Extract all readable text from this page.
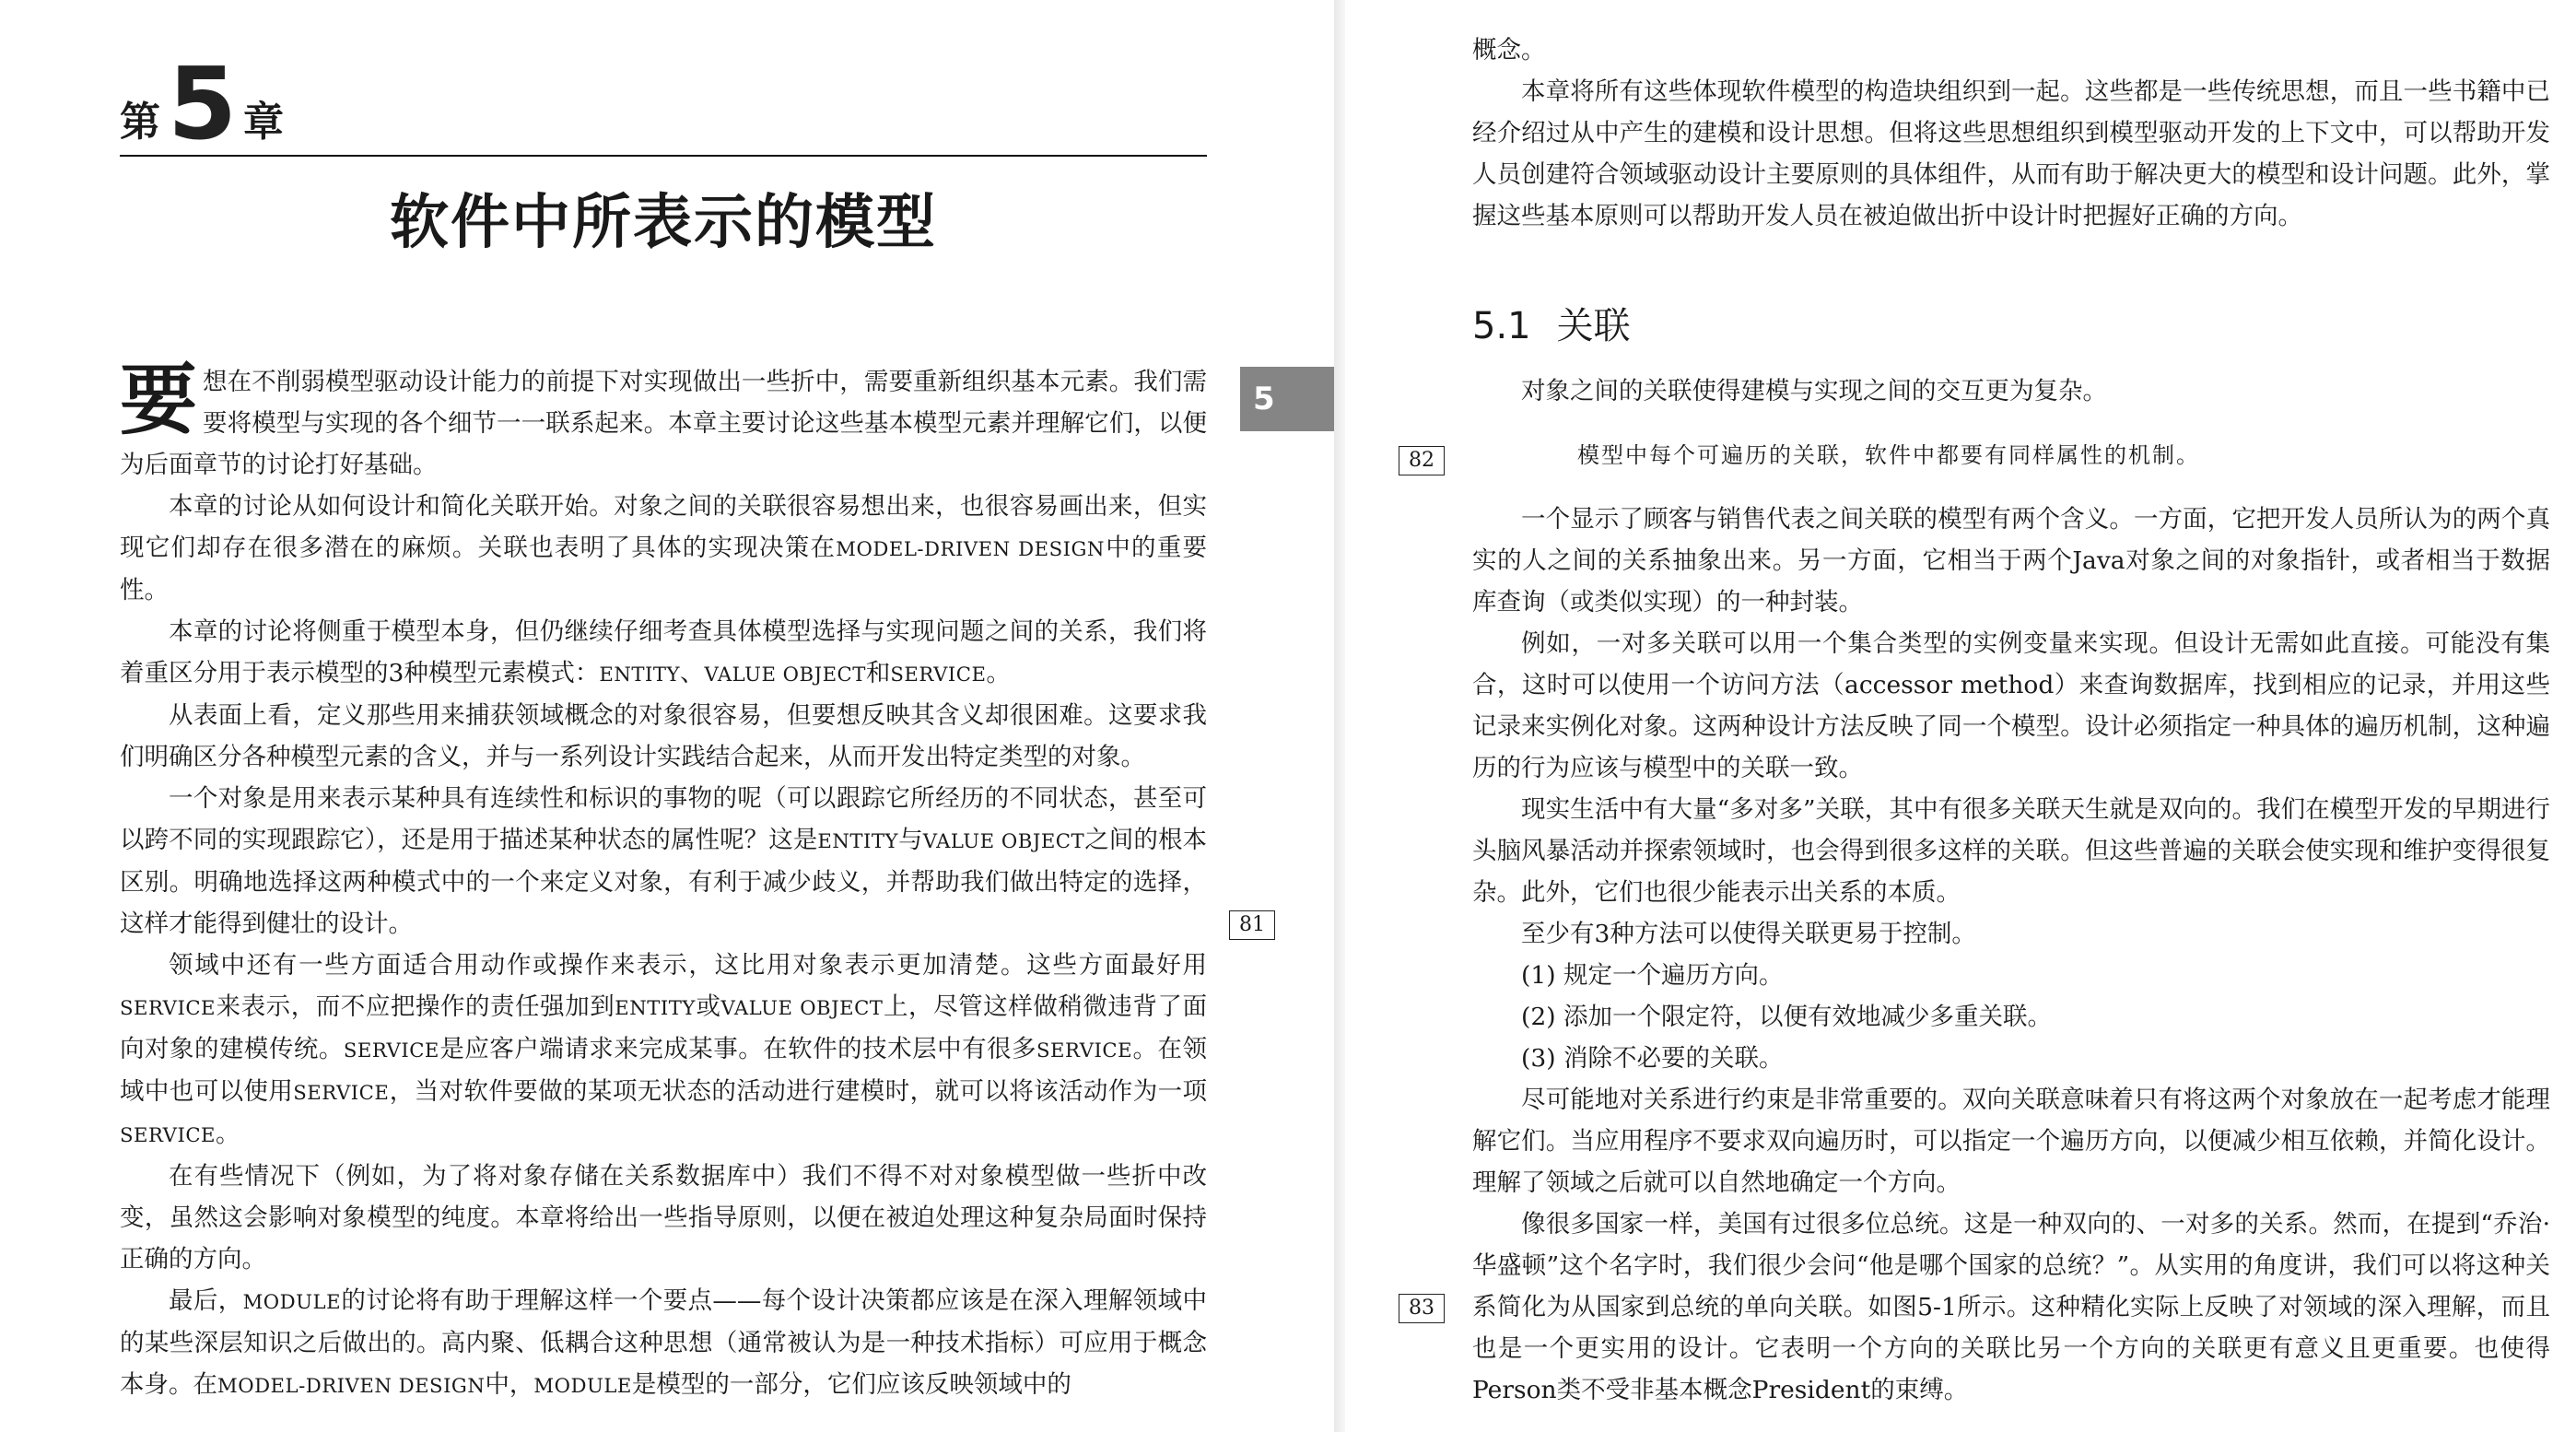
第 5 章
软件中所表示的模型

要想在不削弱模型驱动设计能力的前提下对实现做出一些折中，需要重新组织基本元素。我们需要将模型与实现的各个细节一一联系起来。本章主要讨论这些基本模型元素并理解它们，以便为后面章节的讨论打好基础。

本章的讨论从如何设计和简化关联开始。对象之间的关联很容易想出来，也很容易画出来，但实现它们却存在很多潜在的麻烦。关联也表明了具体的实现决策在MODEL-DRIVEN DESIGN中的重要性。

本章的讨论将侧重于模型本身，但仍继续仔细考查具体模型选择与实现问题之间的关系，我们将着重区分用于表示模型的3种模型元素模式：ENTITY、VALUE OBJECT和SERVICE。

从表面上看，定义那些用来捕获领域概念的对象很容易，但要想反映其含义却很困难。这要求我们明确区分各种模型元素的含义，并与一系列设计实践结合起来，从而开发出特定类型的对象。

一个对象是用来表示某种具有连续性和标识的事物的呢（可以跟踪它所经历的不同状态，甚至可以跨不同的实现跟踪它），还是用于描述某种状态的属性呢？这是ENTITY与VALUE OBJECT之间的根本区别。明确地选择这两种模式中的一个来定义对象，有利于减少歧义，并帮助我们做出特定的选择，这样才能得到健壮的设计。

领域中还有一些方面适合用动作或操作来表示，这比用对象表示更加清楚。这些方面最好用SERVICE来表示，而不应把操作的责任强加到ENTITY或VALUE OBJECT上，尽管这样做稍微违背了面向对象的建模传统。SERVICE是应客户端请求来完成某事。在软件的技术层中有很多SERVICE。在领域中也可以使用SERVICE，当对软件要做的某项无状态的活动进行建模时，就可以将该活动作为一项SERVICE。

在有些情况下（例如，为了将对象存储在关系数据库中）我们不得不对对象模型做一些折中改变，虽然这会影响对象模型的纯度。本章将给出一些指导原则，以便在被迫处理这种复杂局面时保持正确的方向。

最后，MODULE的讨论将有助于理解这样一个要点——每个设计决策都应该是在深入理解领域中的某些深层知识之后做出的。高内聚、低耦合这种思想（通常被认为是一种技术指标）可应用于概念本身。在MODEL-DRIVEN DESIGN中，MODULE是模型的一部分，它们应该反映领域中的

5
81

概念。

本章将所有这些体现软件模型的构造块组织到一起。这些都是一些传统思想，而且一些书籍中已经介绍过从中产生的建模和设计思想。但将这些思想组织到模型驱动开发的上下文中，可以帮助开发人员创建符合领域驱动设计主要原则的具体组件，从而有助于解决更大的模型和设计问题。此外，掌握这些基本原则可以帮助开发人员在被迫做出折中设计时把握好正确的方向。

5.1 关联

对象之间的关联使得建模与实现之间的交互更为复杂。

一个显示了顾客与销售代表之间关联的模型有两个含义。一方面，它把开发人员所认为的两个真实的人之间的关系抽象出来。另一方面，它相当于两个Java对象之间的对象指针，或者相当于数据库查询（或类似实现）的一种封装。

例如，一对多关联可以用一个集合类型的实例变量来实现。但设计无需如此直接。可能没有集合，这时可以使用一个访问方法（accessor method）来查询数据库，找到相应的记录，并用这些记录来实例化对象。这两种设计方法反映了同一个模型。设计必须指定一种具体的遍历机制，这种遍历的行为应该与模型中的关联一致。

现实生活中有大量“多对多”关联，其中有很多关联天生就是双向的。我们在模型开发的早期进行头脑风暴活动并探索领域时，也会得到很多这样的关联。但这些普遍的关联会使实现和维护变得很复杂。此外，它们也很少能表示出关系的本质。

至少有3种方法可以使得关联更易于控制。

(1) 规定一个遍历方向。

(2) 添加一个限定符，以便有效地减少多重关联。

(3) 消除不必要的关联。

尽可能地对关系进行约束是非常重要的。双向关联意味着只有将这两个对象放在一起考虑才能理解它们。当应用程序不要求双向遍历时，可以指定一个遍历方向，以便减少相互依赖，并简化设计。理解了领域之后就可以自然地确定一个方向。

像很多国家一样，美国有过很多位总统。这是一种双向的、一对多的关系。然而，在提到“乔治·华盛顿”这个名字时，我们很少会问“他是哪个国家的总统？”。从实用的角度讲，我们可以将这种关系简化为从国家到总统的单向关联。如图5-1所示。这种精化实际上反映了对领域的深入理解，而且也是一个更实用的设计。它表明一个方向的关联比另一个方向的关联更有意义且更重要。也使得Person类不受非基本概念President的束缚。

模型中每个可遍历的关联，软件中都要有同样属性的机制。
82
83
